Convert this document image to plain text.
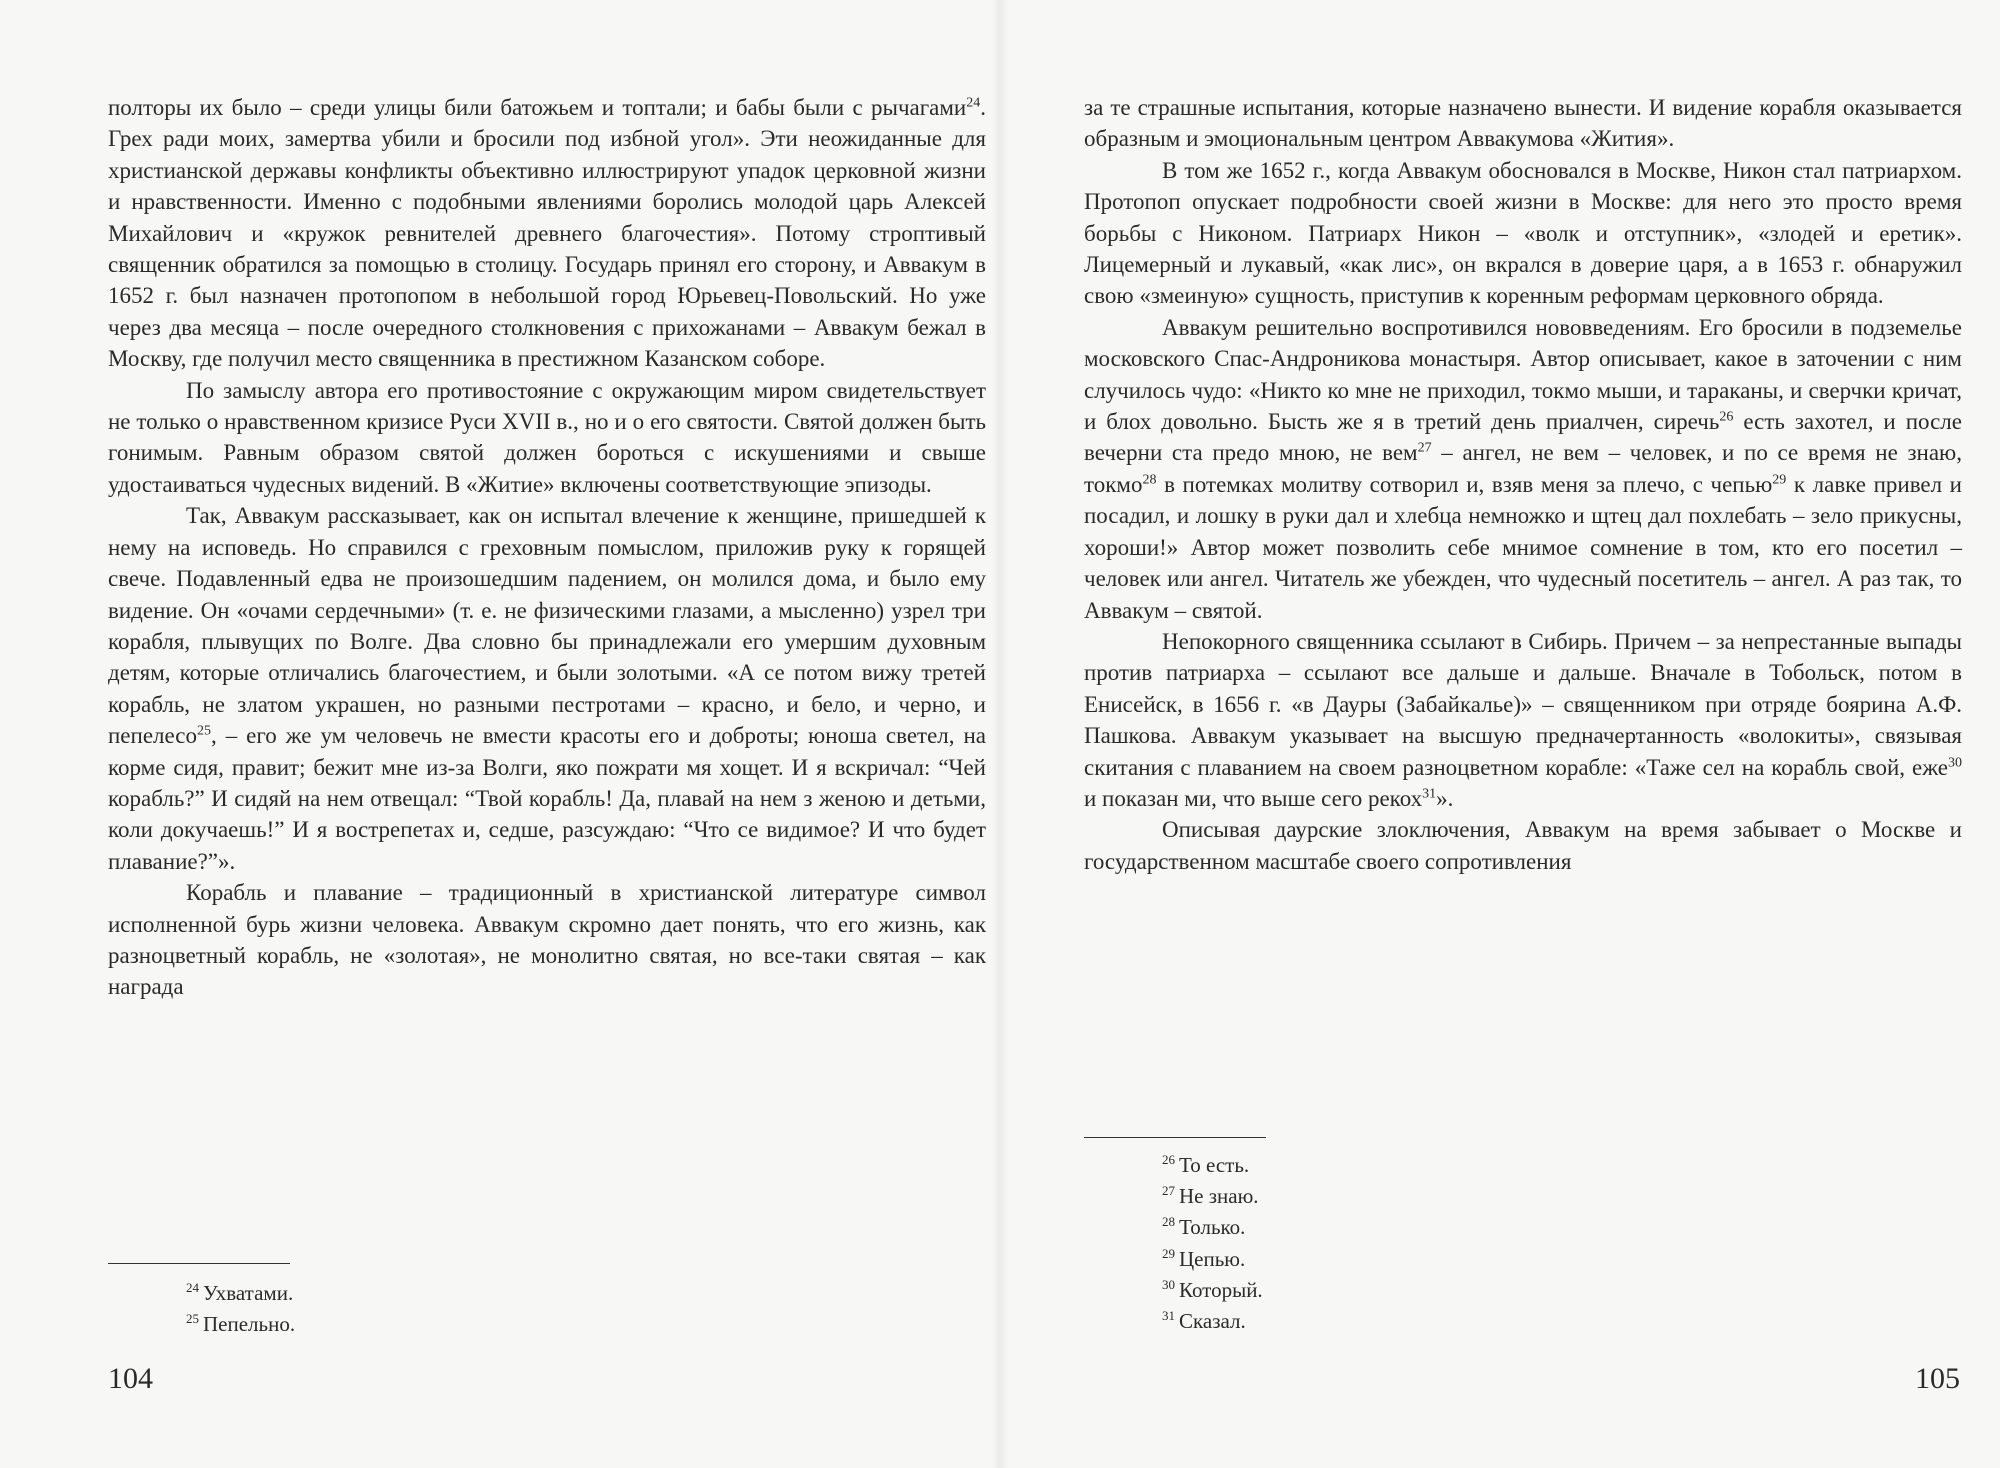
полторы их было – среди улицы били батожьем и топтали; и бабы были с рычагами$^{24}$. Грех ради моих, замертва убили и бросили под избной угол». Эти неожиданные для христианской державы конфликты объективно иллюстрируют упадок церковной жизни и нравственности. Именно с подобными явлениями боролись молодой царь Алексей Михайлович и «кружок ревнителей древнего благочестия». Потому строптивый священник обратился за помощью в столицу. Государь принял его сторону, и Аввакум в 1652 г. был назначен протопопом в небольшой город Юрьевец-Повольский. Но уже через два месяца – после очередного столкновения с прихожанами – Аввакум бежал в Москву, где получил место священника в престижном Казанском соборе.

По замыслу автора его противостояние с окружающим миром свидетельствует не только о нравственном кризисе Руси XVII в., но и о его святости. Святой должен быть гонимым. Равным образом святой должен бороться с искушениями и свыше удостаиваться чудесных видений. В «Житие» включены соответствующие эпизоды.

Так, Аввакум рассказывает, как он испытал влечение к женщине, пришедшей к нему на исповедь. Но справился с греховным помыслом, приложив руку к горящей свече. Подавленный едва не произошедшим падением, он молился дома, и было ему видение. Он «очами сердечными» (т. е. не физическими глазами, а мысленно) узрел три корабля, плывущих по Волге. Два словно бы принадлежали его умершим духовным детям, которые отличались благочестием, и были золотыми. «А се потом вижу третей корабль, не златом украшен, но разными пестротами – красно, и бело, и черно, и пепелесо$^{25}$, – его же ум человечь не вмести красоты его и доброты; юноша светел, на корме сидя, правит; бежит мне из-за Волги, яко пожрати мя хощет. И я вскричал: “Чей корабль?” И сидяй на нем отвещал: “Твой корабль! Да, плавай на нем з женою и детьми, коли докучаешь!” И я вострепетах и, седше, разсуждаю: “Что се видимое? И что будет плавание?”».

Корабль и плавание – традиционный в христианской литературе символ исполненной бурь жизни человека. Аввакум скромно дает понять, что его жизнь, как разноцветный корабль, не «золотая», не монолитно святая, но все-таки святая – как награда

$^{24}$ Ухватами.
$^{25}$ Пепельно.
104

за те страшные испытания, которые назначено вынести. И видение корабля оказывается образным и эмоциональным центром Аввакумова «Жития».

В том же 1652 г., когда Аввакум обосновался в Москве, Никон стал патриархом. Протопоп опускает подробности своей жизни в Москве: для него это просто время борьбы с Никоном. Патриарх Никон – «волк и отступник», «злодей и еретик». Лицемерный и лукавый, «как лис», он вкрался в доверие царя, а в 1653 г. обнаружил свою «змеиную» сущность, приступив к коренным реформам церковного обряда.

Аввакум решительно воспротивился нововведениям. Его бросили в подземелье московского Спас-Андроникова монастыря. Автор описывает, какое в заточении с ним случилось чудо: «Никто ко мне не приходил, токмо мыши, и тараканы, и сверчки кричат, и блох довольно. Бысть же я в третий день приалчен, сиречь$^{26}$ есть захотел, и после вечерни ста предо мною, не вем$^{27}$ – ангел, не вем – человек, и по се время не знаю, токмо$^{28}$ в потемках молитву сотворил и, взяв меня за плечо, с чепью$^{29}$ к лавке привел и посадил, и лошку в руки дал и хлебца немножко и щтец дал похлебать – зело прикусны, хороши!» Автор может позволить себе мнимое сомнение в том, кто его посетил – человек или ангел. Читатель же убежден, что чудесный посетитель – ангел. А раз так, то Аввакум – святой.

Непокорного священника ссылают в Сибирь. Причем – за непрестанные выпады против патриарха – ссылают все дальше и дальше. Вначале в Тобольск, потом в Енисейск, в 1656 г. «в Дауры (Забайкалье)» – священником при отряде боярина А.Ф. Пашкова. Аввакум указывает на высшую предначертанность «волокиты», связывая скитания с плаванием на своем разноцветном корабле: «Таже сел на корабль свой, еже$^{30}$ и показан ми, что выше сего рекох$^{31}$».

Описывая даурские злоключения, Аввакум на время забывает о Москве и государственном масштабе своего сопротивления

$^{26}$ То есть.
$^{27}$ Не знаю.
$^{28}$ Только.
$^{29}$ Цепью.
$^{30}$ Который.
$^{31}$ Сказал.
105
